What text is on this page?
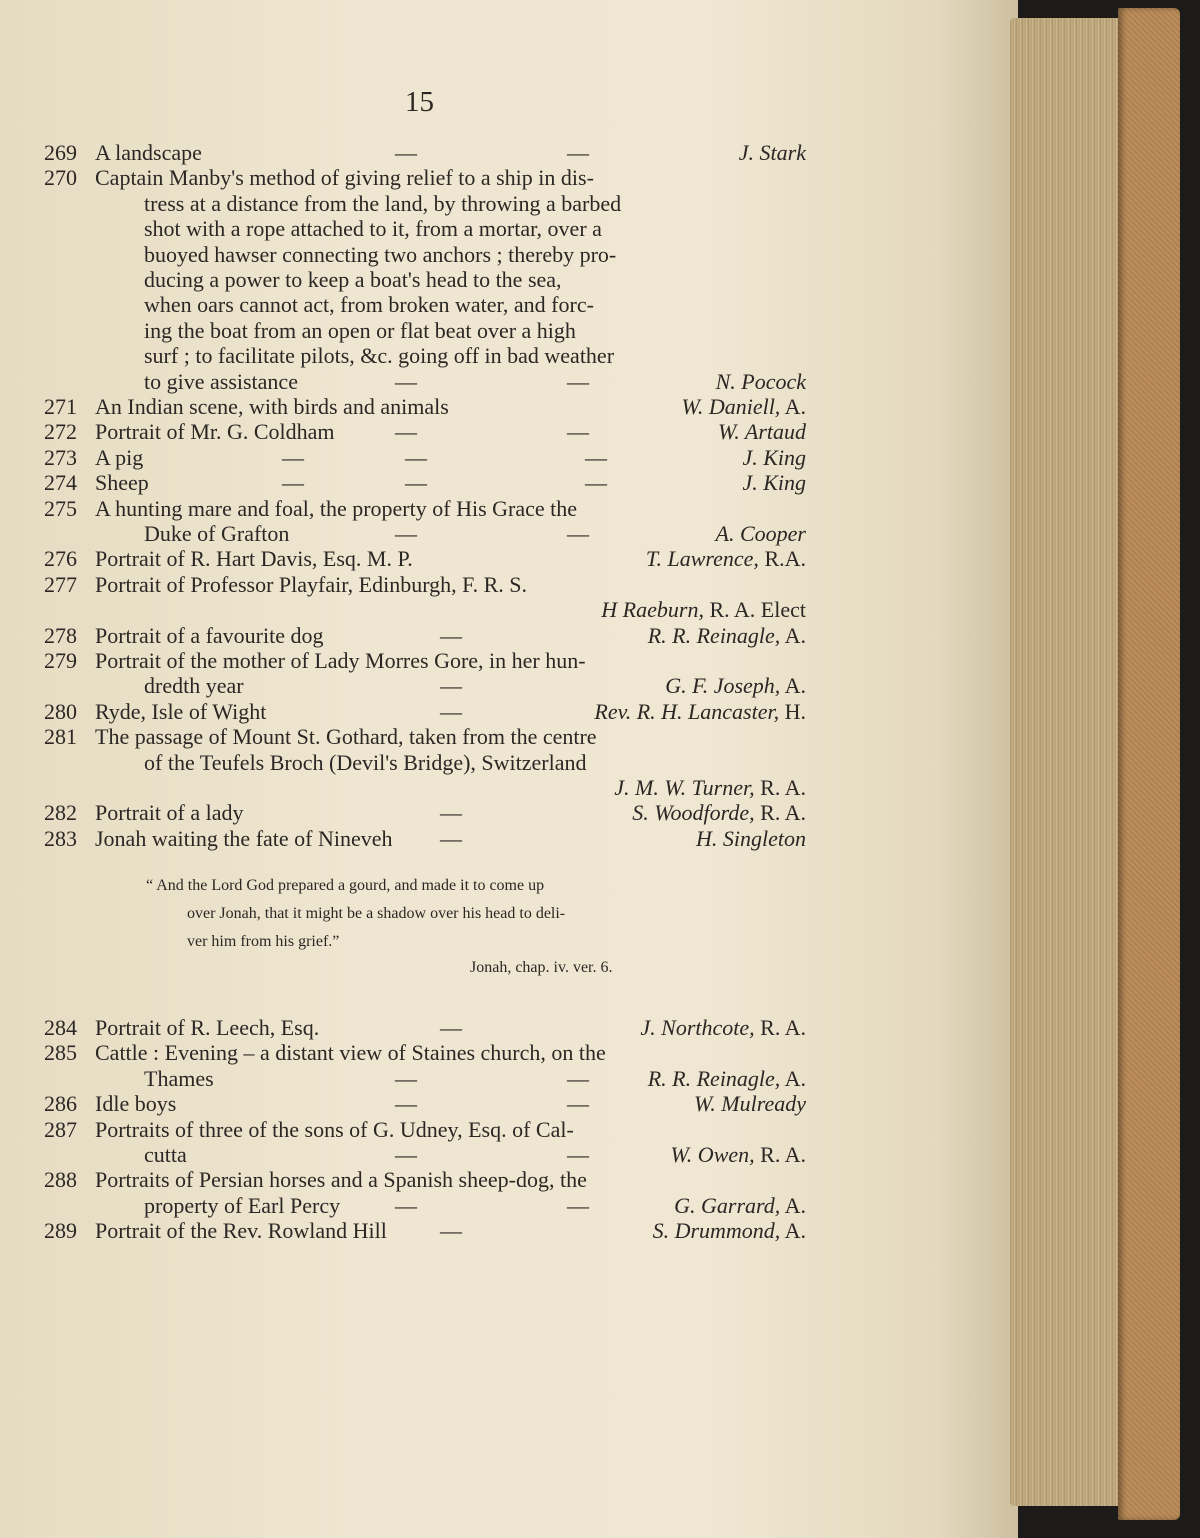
15
269 A landscape	—	—	J. Stark
270 Captain Manby's method of giving relief to a ship in dis-
tress at a distance from the land, by throwing a barbed
shot with a rope attached to it, from a mortar, over a
buoyed hawser connecting two anchors ; thereby pro-
ducing a power to keep a boat's head to the sea,
when oars cannot act, from broken water, and forc-
ing the boat from an open or flat beat over a high
surf ; to facilitate pilots, &c. going off in bad weather
to give assistance	—	—	N. Pocock
271 An Indian scene, with birds and animals	W. Daniell, A.
272 Portrait of Mr. G. Coldham	—	—	W. Artaud
273 A pig	—	—	—	J. King
274 Sheep	—	—	—	J. King
275 A hunting mare and foal, the property of His Grace the
Duke of Grafton	—	—	A. Cooper
276 Portrait of R. Hart Davis, Esq. M. P.	T. Lawrence, R.A.
277 Portrait of Professor Playfair, Edinburgh, F. R. S.
H Raeburn, R. A. Elect
278 Portrait of a favourite dog	—	R. R. Reinagle, A.
279 Portrait of the mother of Lady Morres Gore, in her hun-
dredth year	—	G. F. Joseph, A.
280 Ryde, Isle of Wight	—	Rev. R. H. Lancaster, H.
281 The passage of Mount St. Gothard, taken from the centre
of the Teufels Broch (Devil's Bridge), Switzerland
J. M. W. Turner, R. A.
282 Portrait of a lady	—	S. Woodforde, R. A.
283 Jonah waiting the fate of Nineveh —	H. Singleton
“ And the Lord God prepared a gourd, and made it to come up
over Jonah, that it might be a shadow over his head to deli-
ver him from his grief.”
Jonah, chap. iv. ver. 6.
284 Portrait of R. Leech, Esq.	—	J. Northcote, R. A.
285 Cattle : Evening – a distant view of Staines church, on the
Thames	—	—	R. R. Reinagle, A.
286 Idle boys	—	—	W. Mulready
287 Portraits of three of the sons of G. Udney, Esq. of Cal-
cutta	—	—	W. Owen, R. A.
288 Portraits of Persian horses and a Spanish sheep-dog, the
property of Earl Percy —	—	G. Garrard, A.
289 Portrait of the Rev. Rowland Hill —	S. Drummond, A.
